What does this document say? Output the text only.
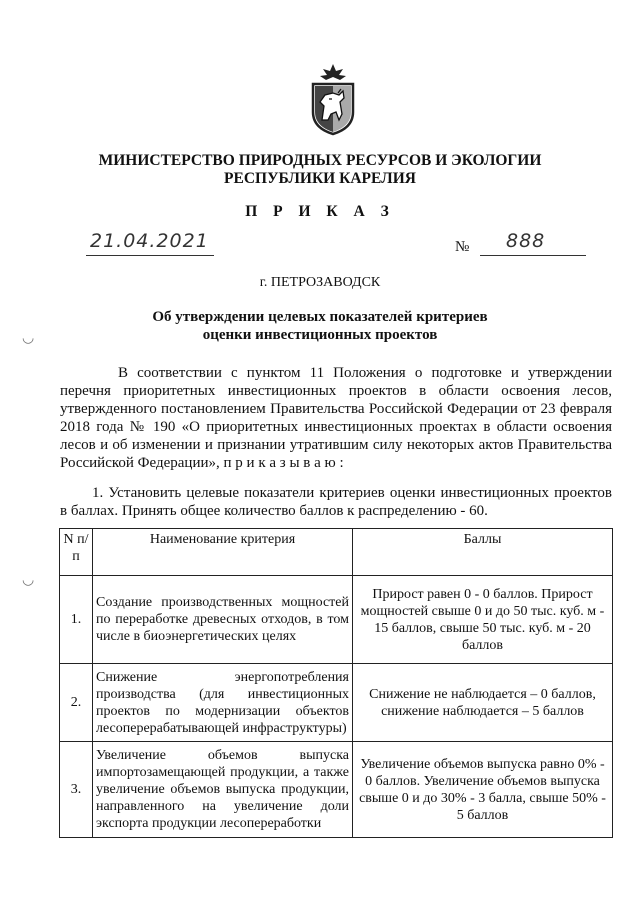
МИНИСТЕРСТВО ПРИРОДНЫХ РЕСУРСОВ И ЭКОЛОГИИ
РЕСПУБЛИКИ КАРЕЛИЯ
П Р И К А З
21.04.2021	№ 888
г. ПЕТРОЗАВОДСК
Об утверждении целевых показателей критериев
оценки инвестиционных проектов
◡
◡
В соответствии с пунктом 11 Положения о подготовке и утверждении перечня приоритетных инвестиционных проектов в области освоения лесов, утвержденного постановлением Правительства Российской Федерации от 23 февраля 2018 года № 190 «О приоритетных инвестиционных проектах в области освоения лесов и об изменении и признании утратившим силу некоторых актов Правительства Российской Федерации», п р и к а з ы в а ю :
1. Установить целевые показатели критериев оценки инвестиционных проектов в баллах. Принять общее количество баллов к распределению - 60.
N п/п	Наименование критерия	Баллы
1.	Создание производственных мощностей по переработке древесных отходов, в том числе в биоэнергетических целях	Прирост равен 0 - 0 баллов. Прирост мощностей свыше 0 и до 50 тыс. куб. м - 15 баллов, свыше 50 тыс. куб. м - 20 баллов
2.	Снижение энергопотребления производства (для инвестиционных проектов по модернизации объектов лесоперерабатывающей инфраструктуры)	Снижение не наблюдается – 0 баллов, снижение наблюдается – 5 баллов
3.	Увеличение объемов выпуска импортозамещающей продукции, а также увеличение объемов выпуска продукции, направленного на увеличение доли экспорта продукции лесопереработки	Увеличение объемов выпуска равно 0% - 0 баллов. Увеличение объемов выпуска свыше 0 и до 30% - 3 балла, свыше 50% - 5 баллов
